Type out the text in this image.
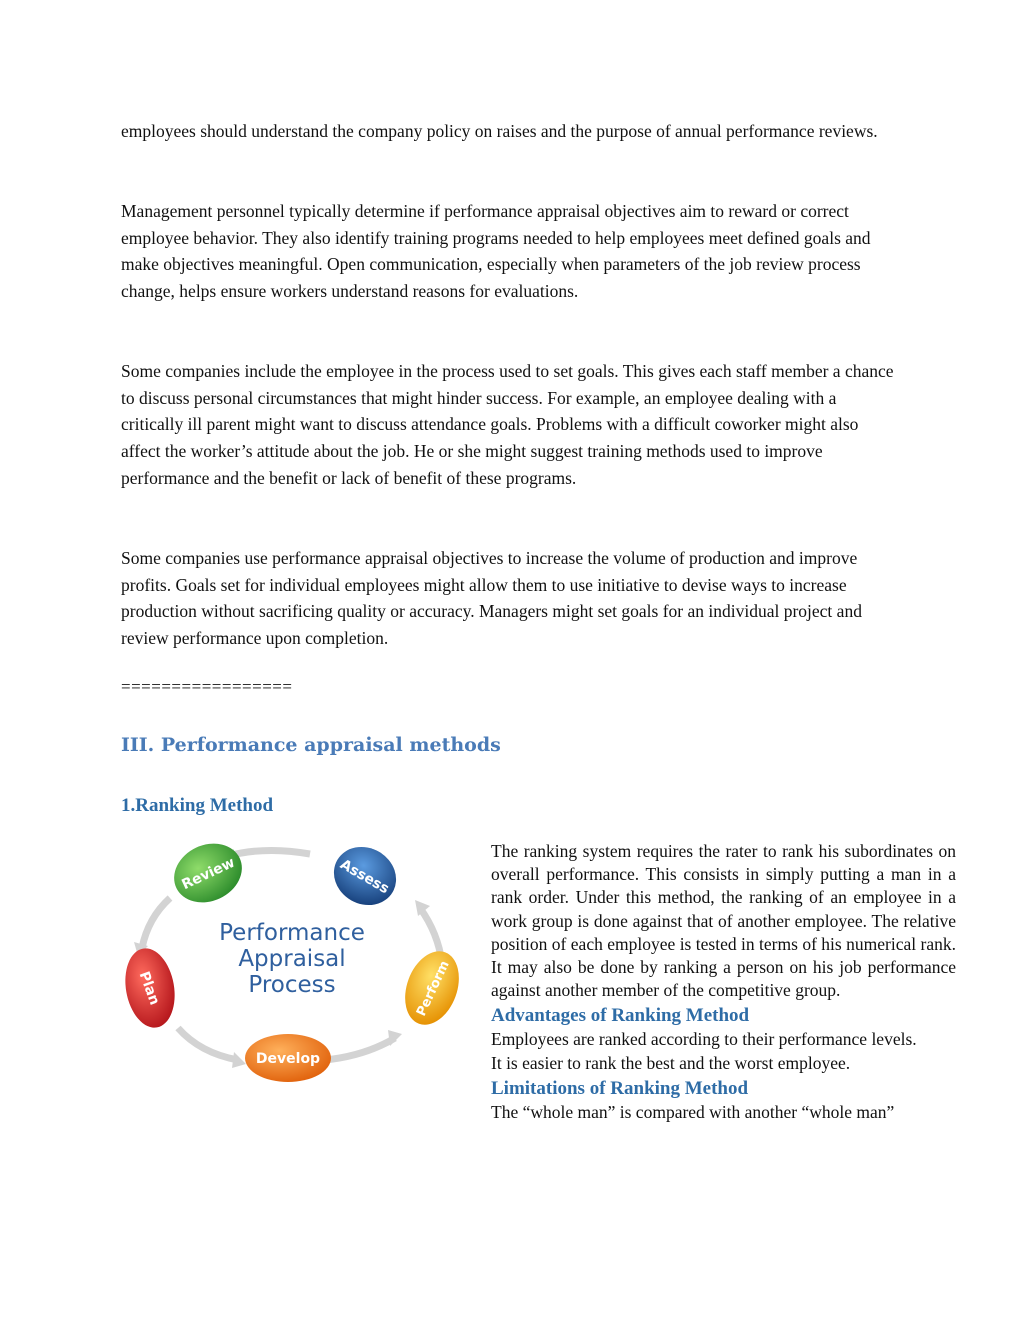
employees should understand the company policy on raises and the purpose of annual performance reviews.

Management personnel typically determine if performance appraisal objectives aim to reward or correct employee behavior. They also identify training programs needed to help employees meet defined goals and make objectives meaningful. Open communication, especially when parameters of the job review process change, helps ensure workers understand reasons for evaluations.

Some companies include the employee in the process used to set goals. This gives each staff member a chance to discuss personal circumstances that might hinder success. For example, an employee dealing with a critically ill parent might want to discuss attendance goals. Problems with a difficult coworker might also affect the worker’s attitude about the job. He or she might suggest training methods used to improve performance and the benefit or lack of benefit of these programs.

Some companies use performance appraisal objectives to increase the volume of production and improve profits. Goals set for individual employees might allow them to use initiative to devise ways to increase production without sacrificing quality or accuracy. Managers might set goals for an individual project and review performance upon completion.

=================

III. Performance appraisal methods
1.Ranking Method
Review	Assess
Perform
Develop
Plan
Performance
Appraisal
Process

The ranking system requires the rater to rank his subordinates on overall performance. This consists in simply putting a man in a rank order. Under this method, the ranking of an employee in a work group is done against that of another employee. The relative position of each employee is tested in terms of his numerical rank. It may also be done by ranking a person on his job performance against another member of the competitive group.

Advantages of Ranking Method

Employees are ranked according to their performance levels.

It is easier to rank the best and the worst employee.

Limitations of Ranking Method

The “whole man” is compared with another “whole man”
